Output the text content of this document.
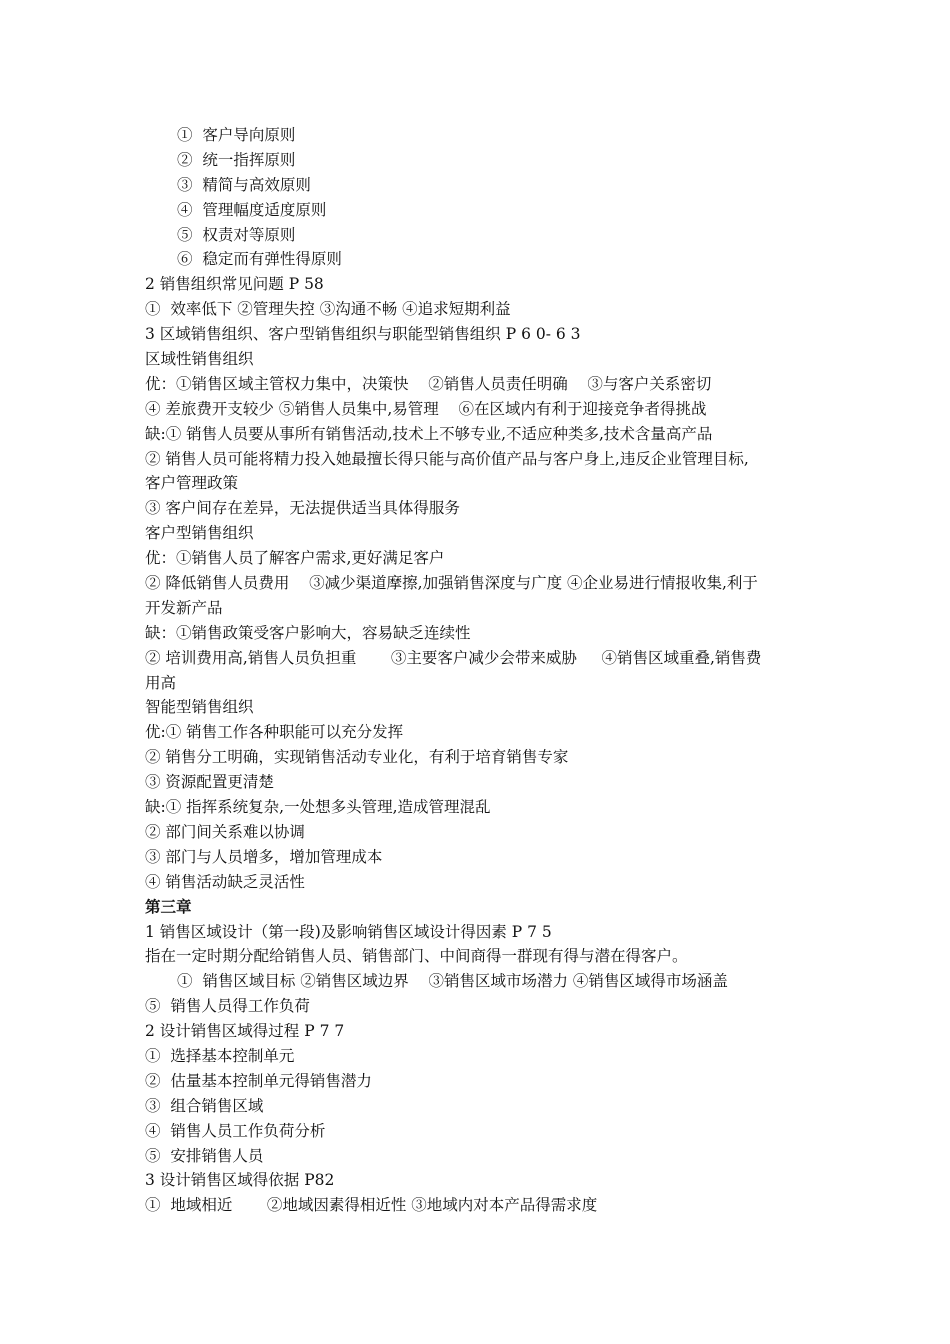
①  客户导向原则
②  统一指挥原则
③  精简与高效原则
④  管理幅度适度原则
⑤  权责对等原则
⑥  稳定而有弹性得原则
2 销售组织常见问题 P 58
①  效率低下 ②管理失控 ③沟通不畅 ④追求短期利益
3 区域销售组织、客户型销售组织与职能型销售组织 P 6 0- 6 3
区域性销售组织
优：①销售区域主管权力集中，决策快    ②销售人员责任明确    ③与客户关系密切
④ 差旅费开支较少 ⑤销售人员集中,易管理    ⑥在区域内有利于迎接竞争者得挑战
缺:① 销售人员要从事所有销售活动,技术上不够专业,不适应种类多,技术含量高产品
② 销售人员可能将精力投入她最擅长得只能与高价值产品与客户身上,违反企业管理目标,
客户管理政策
③ 客户间存在差异，无法提供适当具体得服务
客户型销售组织
优：①销售人员了解客户需求,更好满足客户
② 降低销售人员费用    ③减少渠道摩擦,加强销售深度与广度 ④企业易进行情报收集,利于
开发新产品
缺：①销售政策受客户影响大，容易缺乏连续性
② 培训费用高,销售人员负担重       ③主要客户减少会带来威胁     ④销售区域重叠,销售费
用高
智能型销售组织
优:① 销售工作各种职能可以充分发挥
② 销售分工明确，实现销售活动专业化，有利于培育销售专家
③ 资源配置更清楚
缺:① 指挥系统复杂,一处想多头管理,造成管理混乱
② 部门间关系难以协调
③ 部门与人员增多，增加管理成本
④ 销售活动缺乏灵活性
第三章
1 销售区域设计（第一段)及影响销售区域设计得因素 P 7 5
指在一定时期分配给销售人员、销售部门、中间商得一群现有得与潜在得客户。
①  销售区域目标 ②销售区域边界    ③销售区域市场潜力 ④销售区域得市场涵盖
⑤  销售人员得工作负荷
2 设计销售区域得过程 P 7 7
①  选择基本控制单元
②  估量基本控制单元得销售潜力
③  组合销售区域
④  销售人员工作负荷分析
⑤  安排销售人员
3 设计销售区域得依据 P82
①  地域相近       ②地域因素得相近性 ③地域内对本产品得需求度
